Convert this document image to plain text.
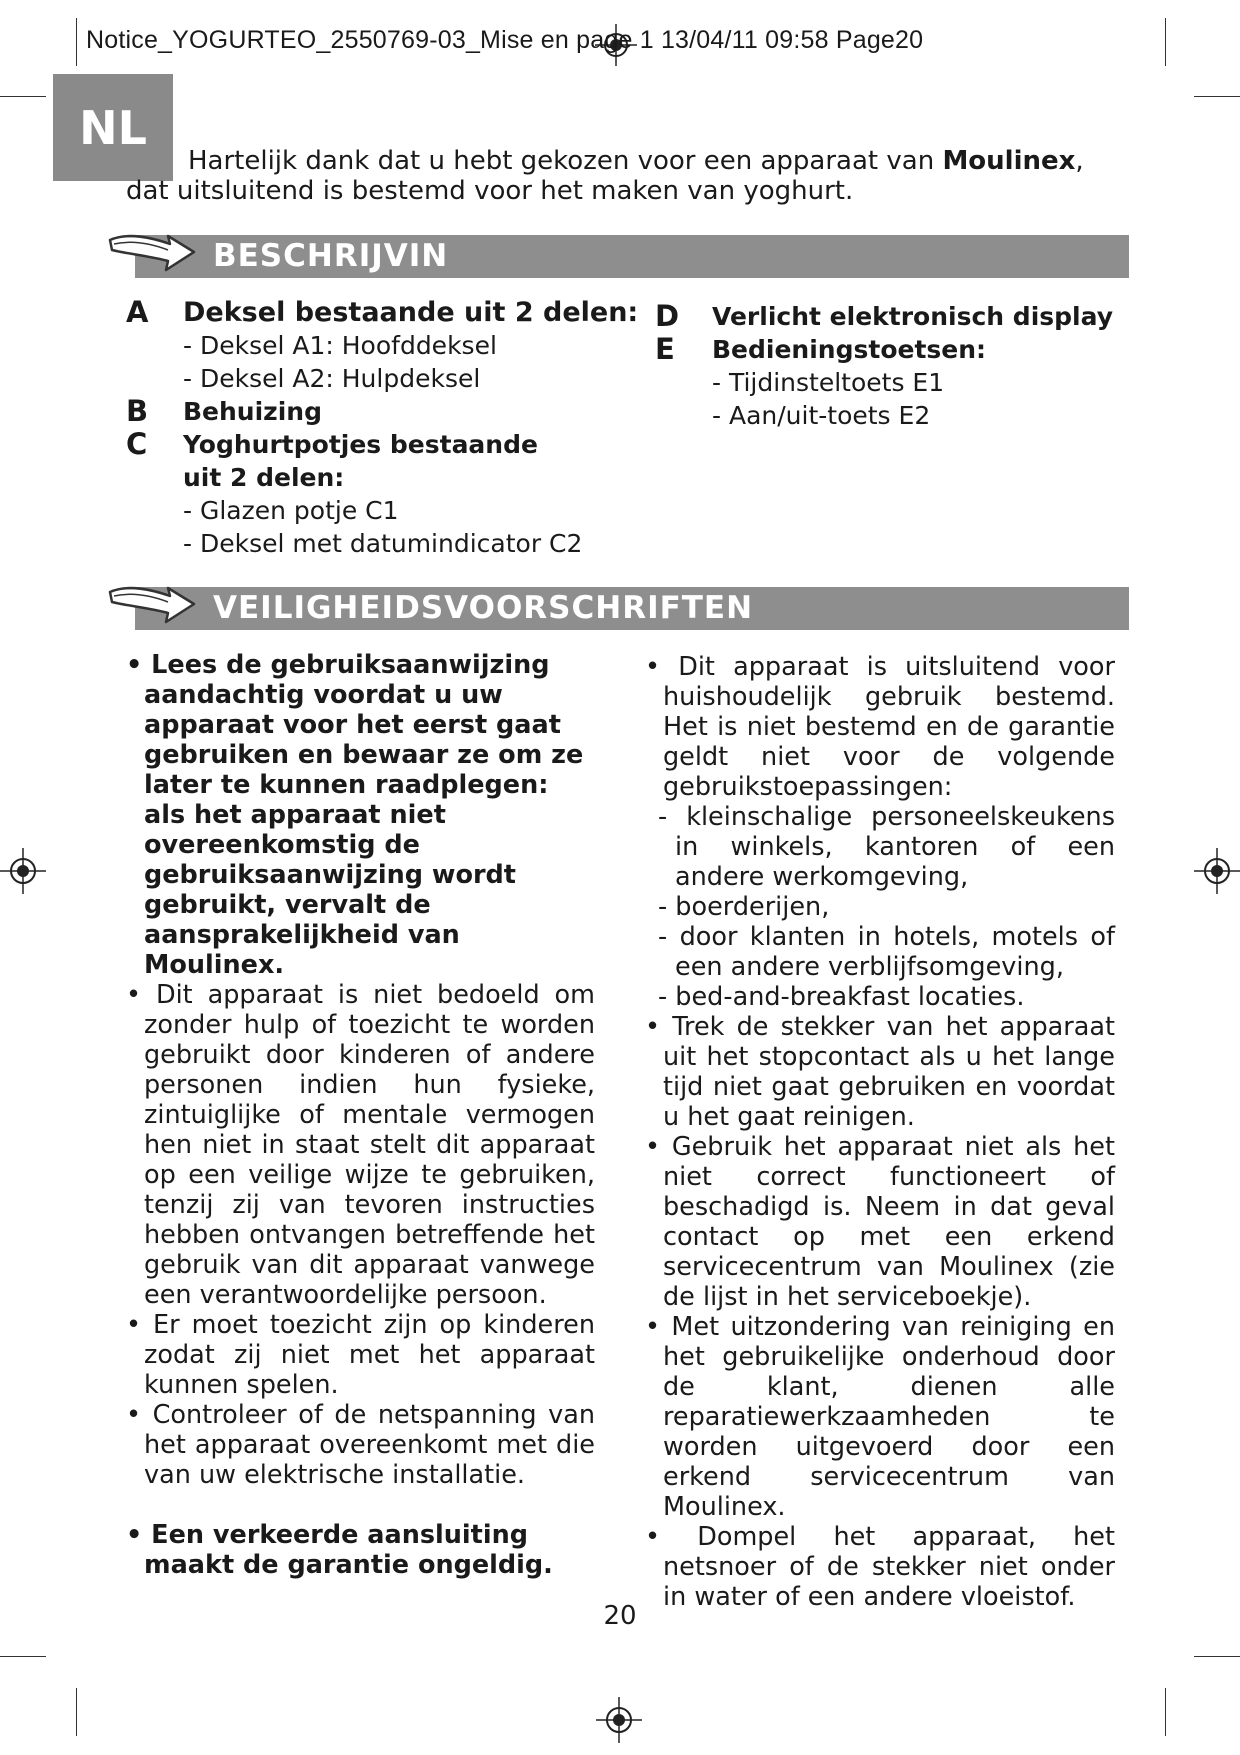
Notice_YOGURTEO_2550769-03_Mise en page 1 13/04/11 09:58 Page20
NL
Hartelijk dank dat u hebt gekozen voor een apparaat van Moulinex,
dat uitsluitend is bestemd voor het maken van yoghurt.
BESCHRIJVIN
A Deksel bestaande uit 2 delen:
- Deksel A1: Hoofddeksel
- Deksel A2: Hulpdeksel
B Behuizing
C Yoghurtpotjes bestaande
uit 2 delen:
- Glazen potje C1
- Deksel met datumindicator C2
D Verlicht elektronisch display
E Bedieningstoetsen:
- Tijdinsteltoets E1
- Aan/uit-toets E2
VEILIGHEIDSVOORSCHRIFTEN

• Lees de gebruiksaanwijzing aandachtig voordat u uw apparaat voor het eerst gaat gebruiken en bewaar ze om ze later te kunnen raadplegen: als het apparaat niet overeenkomstig de gebruiksaanwijzing wordt gebruikt, vervalt de aansprakelijkheid van Moulinex.

• Dit apparaat is niet bedoeld om zonder hulp of toezicht te worden gebruikt door kinderen of andere personen indien hun fysieke, zintuiglijke of mentale vermogen hen niet in staat stelt dit apparaat op een veilige wijze te gebruiken, tenzij zij van tevoren instructies hebben ontvangen betreffende het gebruik van dit apparaat vanwege een verantwoordelijke persoon.

• Er moet toezicht zijn op kinderen zodat zij niet met het apparaat kunnen spelen.

• Controleer of de netspanning van het apparaat overeenkomt met die van uw elektrische installatie.

• Een verkeerde aansluiting maakt de garantie ongeldig.

• Dit apparaat is uitsluitend voor huishoudelijk gebruik bestemd. Het is niet bestemd en de garantie geldt niet voor de volgende gebruikstoepassingen:

- kleinschalige personeelskeukens in winkels, kantoren of een andere werkomgeving,

- boerderijen,

- door klanten in hotels, motels of een andere verblijfsomgeving,

- bed-and-breakfast locaties.

• Trek de stekker van het apparaat uit het stopcontact als u het lange tijd niet gaat gebruiken en voordat u het gaat reinigen.

• Gebruik het apparaat niet als het niet correct functioneert of beschadigd is. Neem in dat geval contact op met een erkend servicecentrum van Moulinex (zie de lijst in het serviceboekje).

• Met uitzondering van reiniging en het gebruikelijke onderhoud door de klant, dienen alle reparatiewerkzaamheden te worden uitgevoerd door een erkend servicecentrum van Moulinex.

• Dompel het apparaat, het netsnoer of de stekker niet onder in water of een andere vloeistof.

20
